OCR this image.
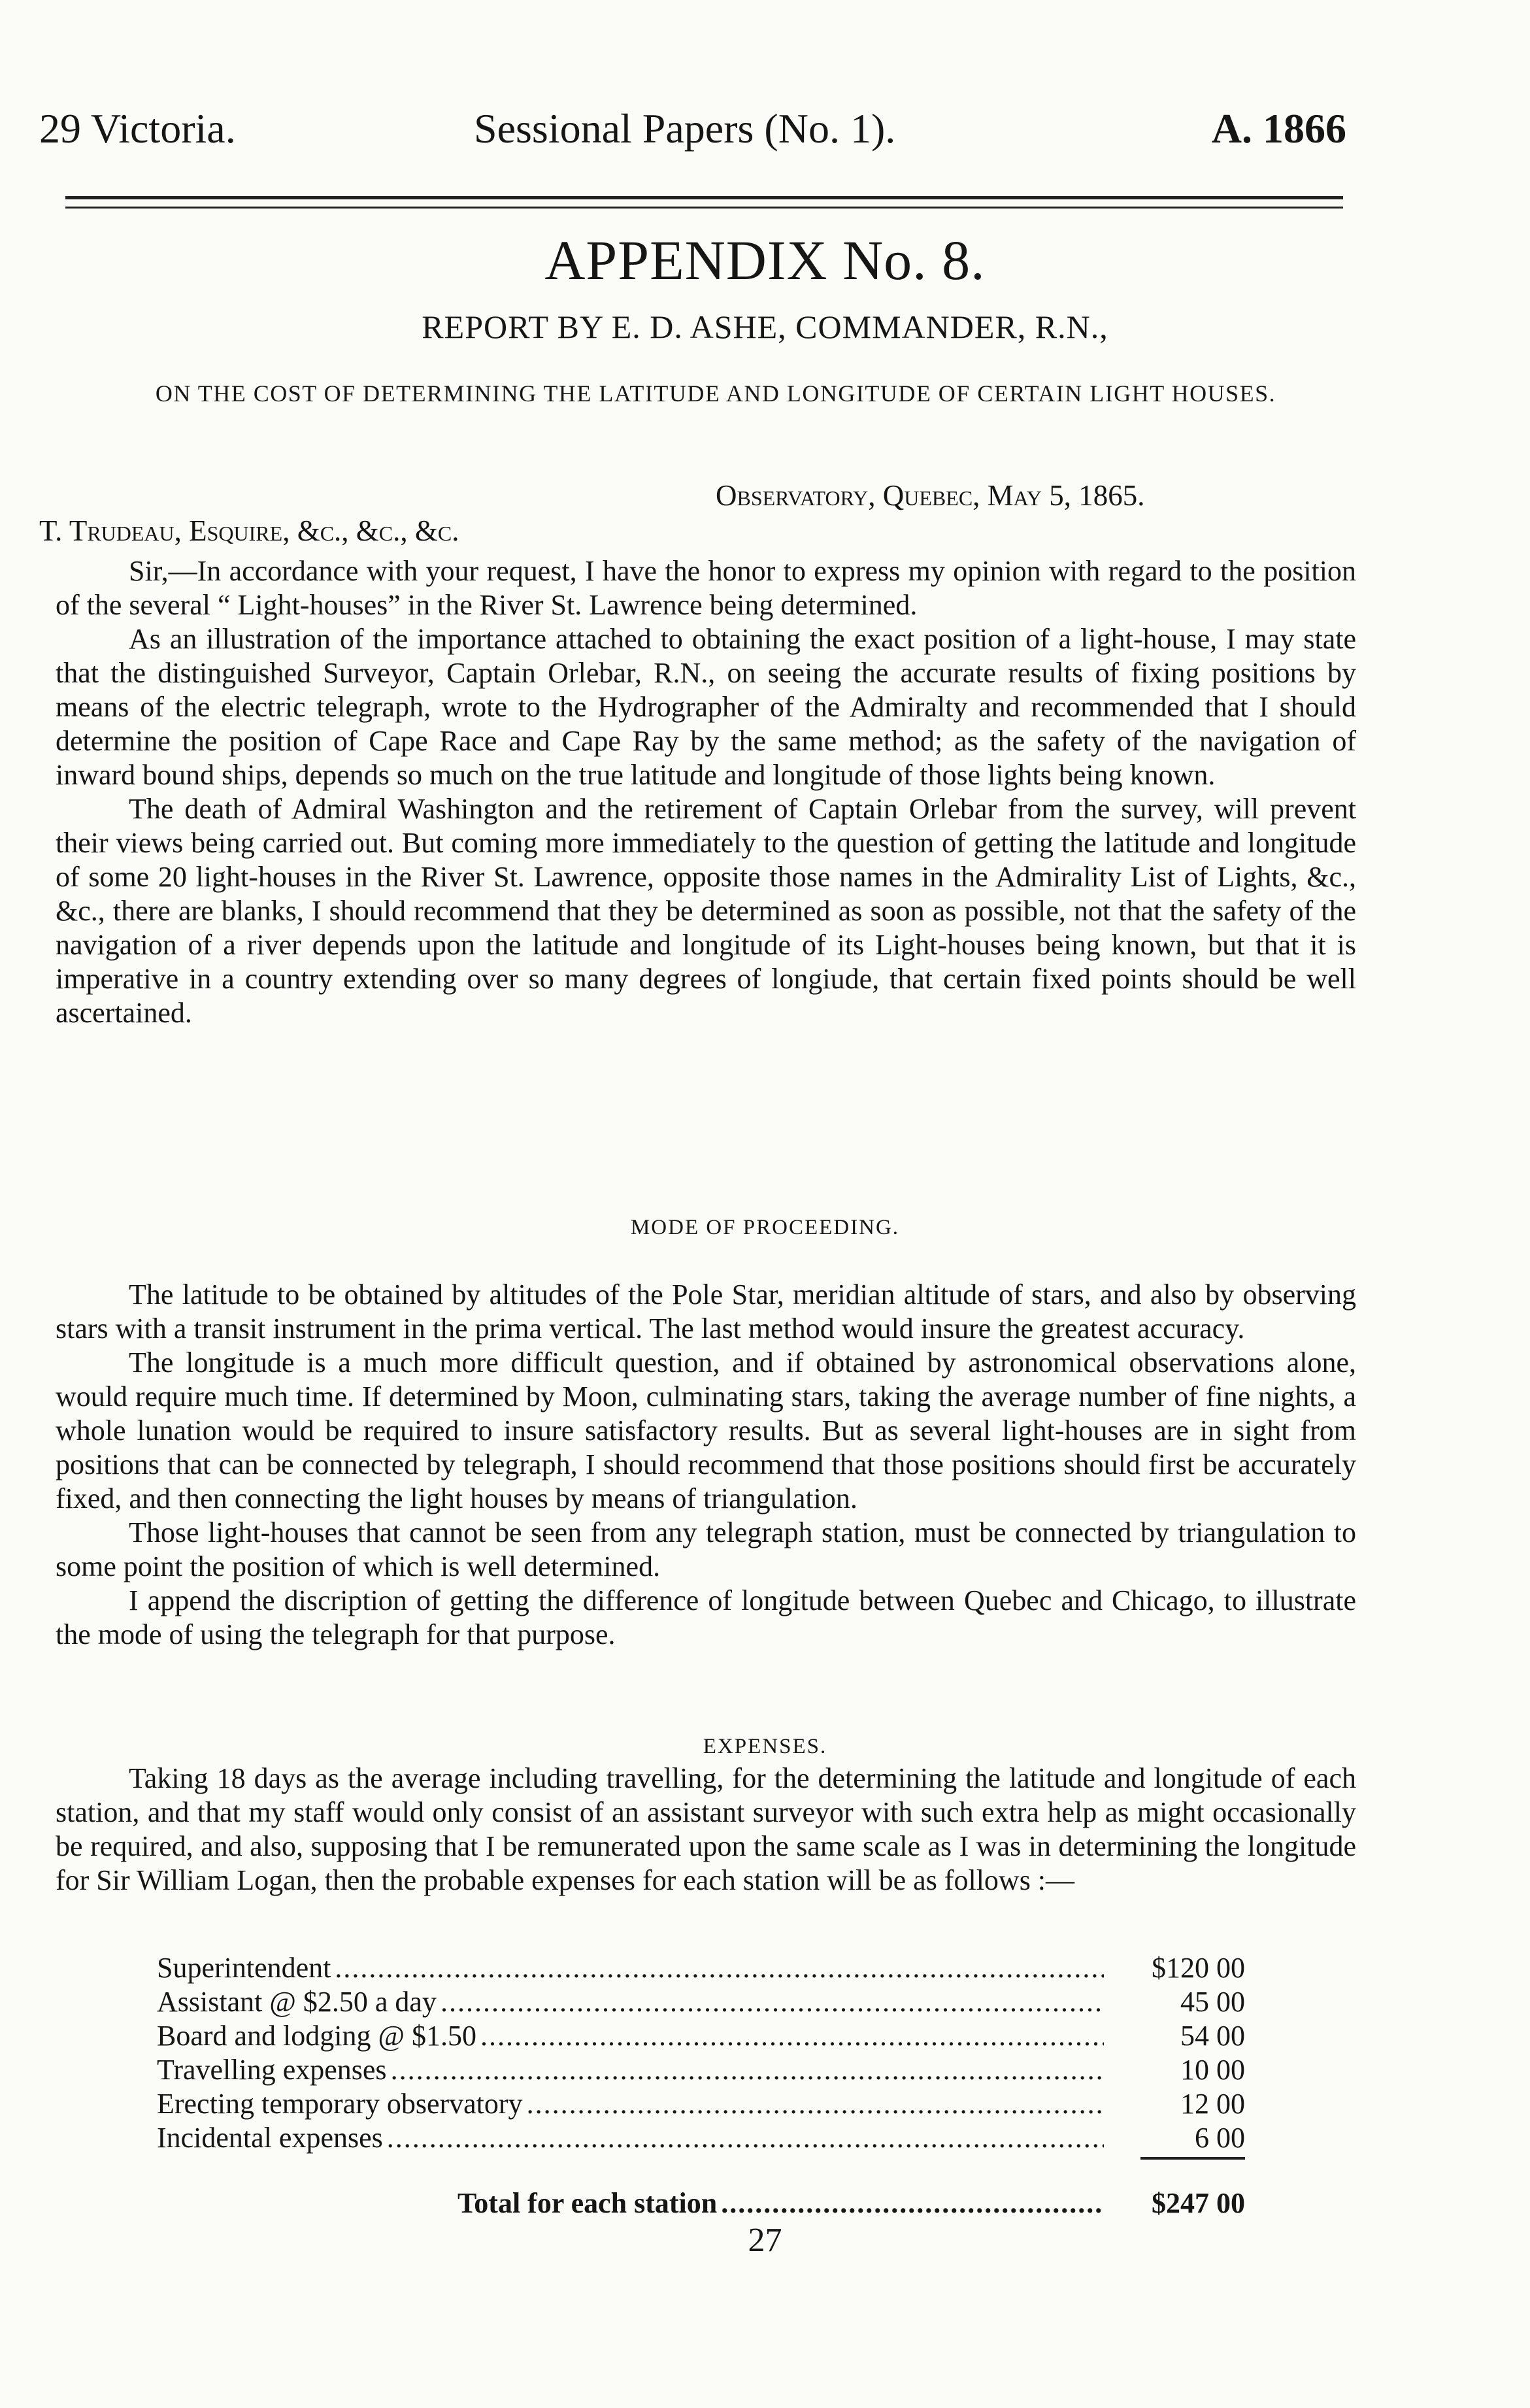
29 Victoria.	Sessional Papers (No. 1).	A. 1866
APPENDIX No. 8.
REPORT BY E. D. ASHE, COMMANDER, R.N.,
ON THE COST OF DETERMINING THE LATITUDE AND LONGITUDE OF CERTAIN LIGHT HOUSES.
Observatory, Quebec, May 5, 1865.
T. Trudeau, Esquire, &c., &c., &c.

Sir,—In accordance with your request, I have the honor to express my opinion with regard to the position of the several “ Light-houses” in the River St. Lawrence being determined.

As an illustration of the importance attached to obtaining the exact position of a light-house, I may state that the distinguished Surveyor, Captain Orlebar, R.N., on seeing the accurate results of fixing positions by means of the electric telegraph, wrote to the Hydrographer of the Admiralty and recommended that I should determine the position of Cape Race and Cape Ray by the same method; as the safety of the navigation of inward bound ships, depends so much on the true latitude and longitude of those lights being known.

The death of Admiral Washington and the retirement of Captain Orlebar from the survey, will prevent their views being carried out. But coming more immediately to the question of getting the latitude and longitude of some 20 light-houses in the River St. Lawrence, opposite those names in the Admirality List of Lights, &c., &c., there are blanks, I should recommend that they be determined as soon as possible, not that the safety of the navigation of a river depends upon the latitude and longitude of its Light-houses being known, but that it is imperative in a country extending over so many degrees of longiude, that certain fixed points should be well ascertained.

MODE OF PROCEEDING.

The latitude to be obtained by altitudes of the Pole Star, meridian altitude of stars, and also by observing stars with a transit instrument in the prima vertical. The last method would insure the greatest accuracy.

The longitude is a much more difficult question, and if obtained by astronomical observations alone, would require much time. If determined by Moon, culminating stars, taking the average number of fine nights, a whole lunation would be required to insure satisfactory results. But as several light-houses are in sight from positions that can be connected by telegraph, I should recommend that those positions should first be accurately fixed, and then connecting the light houses by means of triangulation.

Those light-houses that cannot be seen from any telegraph station, must be connected by triangulation to some point the position of which is well determined.

I append the discription of getting the difference of longitude between Quebec and Chicago, to illustrate the mode of using the telegraph for that purpose.

EXPENSES.

Taking 18 days as the average including travelling, for the determining the latitude and longitude of each station, and that my staff would only consist of an assistant surveyor with such extra help as might occasionally be required, and also, supposing that I be remunerated upon the same scale as I was in determining the longitude for Sir William Logan, then the probable expenses for each station will be as follows :—

Superintendent .....	$120 00
Assistant @ $2.50 a day .....	45 00
Board and lodging @ $1.50 .....	54 00
Travelling expenses .....	10 00
Erecting temporary observatory .....	12 00
Incidental expenses .....	6 00
Total for each station .....	$247 00
27
